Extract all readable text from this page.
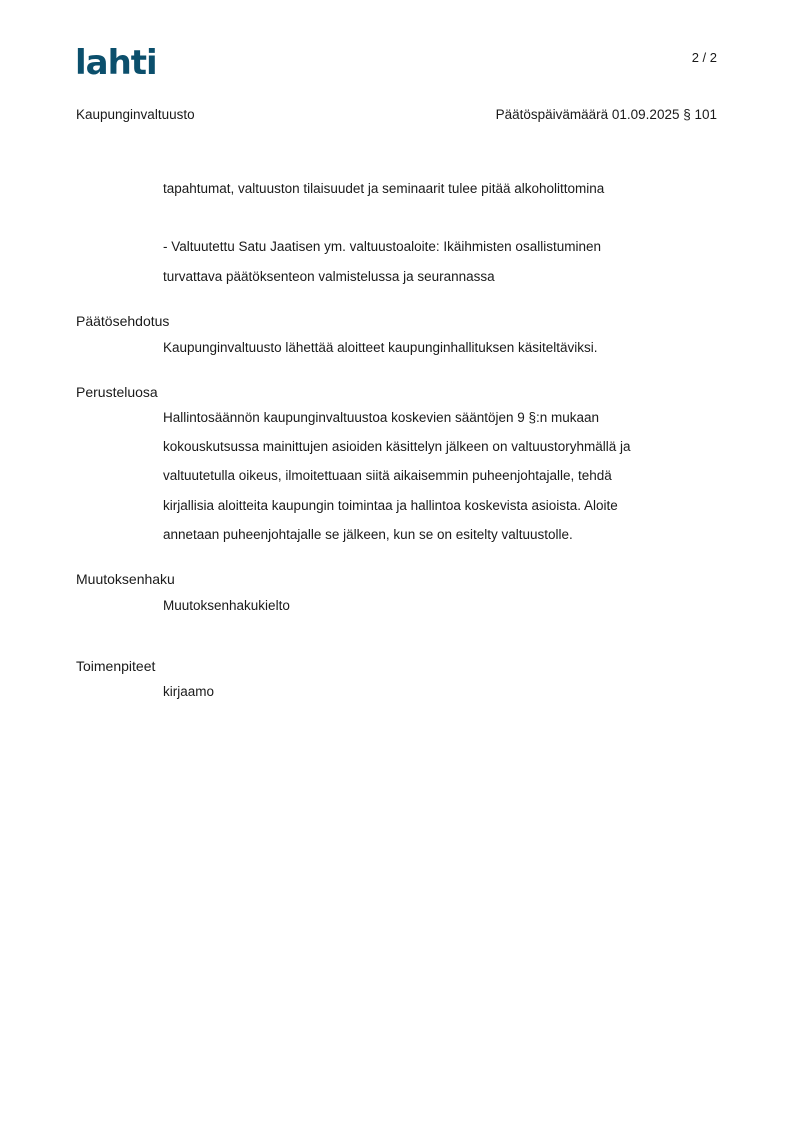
lahti	2 / 2
Kaupunginvaltuusto	Päätöspäivämäärä 01.09.2025 § 101
tapahtumat, valtuuston tilaisuudet ja seminaarit tulee pitää alkoholittomina
- Valtuutettu Satu Jaatisen ym. valtuustoaloite: Ikäihmisten osallistuminen
turvattava päätöksenteon valmistelussa ja seurannassa
Päätösehdotus
Kaupunginvaltuusto lähettää aloitteet kaupunginhallituksen käsiteltäviksi.
Perusteluosa
Hallintosäännön kaupunginvaltuustoa koskevien sääntöjen 9 §:n mukaan
kokouskutsussa mainittujen asioiden käsittelyn jälkeen on valtuustoryhmällä ja
valtuutetulla oikeus, ilmoitettuaan siitä aikaisemmin puheenjohtajalle, tehdä
kirjallisia aloitteita kaupungin toimintaa ja hallintoa koskevista asioista. Aloite
annetaan puheenjohtajalle se jälkeen, kun se on esitelty valtuustolle.
Muutoksenhaku
Muutoksenhakukielto
Toimenpiteet
kirjaamo
